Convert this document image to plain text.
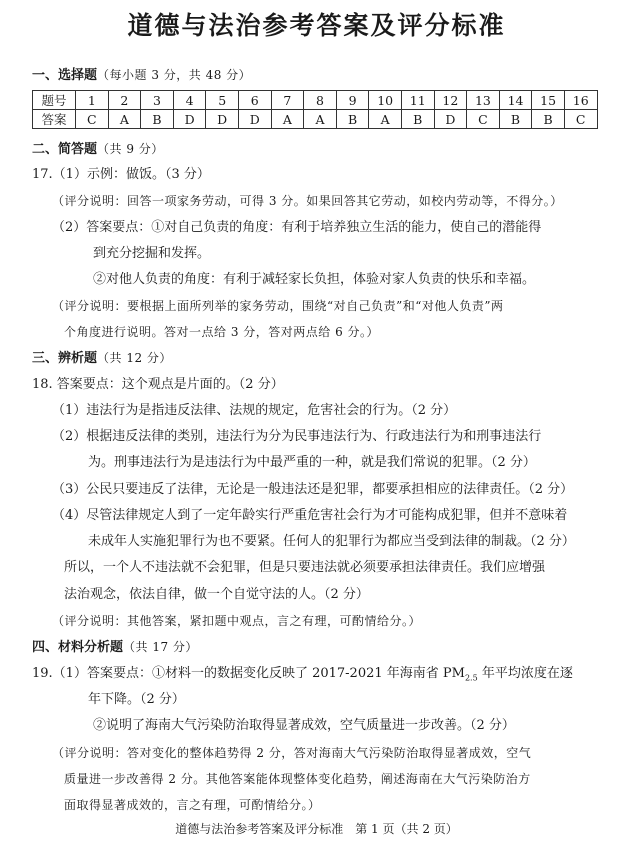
道德与法治参考答案及评分标准
一、选择题（每小题 3 分，共 48 分）
题号	1	2	3	4	5	6	7	8	9	10	11	12	13	14	15	16
答案	C	A	B	D	D	D	A	A	B	A	B	D	C	B	B	C
二、简答题（共 9 分）
17.（1）示例：做饭。（3 分）
（评分说明：回答一项家务劳动，可得 3 分。如果回答其它劳动，如校内劳动等，不得分。）
（2）答案要点：①对自己负责的角度：有利于培养独立生活的能力，使自己的潜能得
到充分挖掘和发挥。
②对他人负责的角度：有利于减轻家长负担，体验对家人负责的快乐和幸福。
（评分说明：要根据上面所列举的家务劳动，围绕“对自己负责”和“对他人负责”两
个角度进行说明。答对一点给 3 分，答对两点给 6 分。）
三、辨析题（共 12 分）
18. 答案要点：这个观点是片面的。（2 分）
（1）违法行为是指违反法律、法规的规定，危害社会的行为。（2 分）
（2）根据违反法律的类别，违法行为分为民事违法行为、行政违法行为和刑事违法行
为。刑事违法行为是违法行为中最严重的一种，就是我们常说的犯罪。（2 分）
（3）公民只要违反了法律，无论是一般违法还是犯罪，都要承担相应的法律责任。（2 分）
（4）尽管法律规定人到了一定年龄实行严重危害社会行为才可能构成犯罪，但并不意味着
未成年人实施犯罪行为也不要紧。任何人的犯罪行为都应当受到法律的制裁。（2 分）
所以，一个人不违法就不会犯罪，但是只要违法就必须要承担法律责任。我们应增强
法治观念，依法自律，做一个自觉守法的人。（2 分）
（评分说明：其他答案，紧扣题中观点，言之有理，可酌情给分。）
四、材料分析题（共 17 分）
19.（1）答案要点：①材料一的数据变化反映了 2017-2021 年海南省 $PM_{2.5}$ 年平均浓度在逐
年下降。（2 分）
②说明了海南大气污染防治取得显著成效，空气质量进一步改善。（2 分）
（评分说明：答对变化的整体趋势得 2 分，答对海南大气污染防治取得显著成效，空气
质量进一步改善得 2 分。其他答案能体现整体变化趋势，阐述海南在大气污染防治方
面取得显著成效的，言之有理，可酌情给分。）
道德与法治参考答案及评分标准　第 1 页（共 2 页）
